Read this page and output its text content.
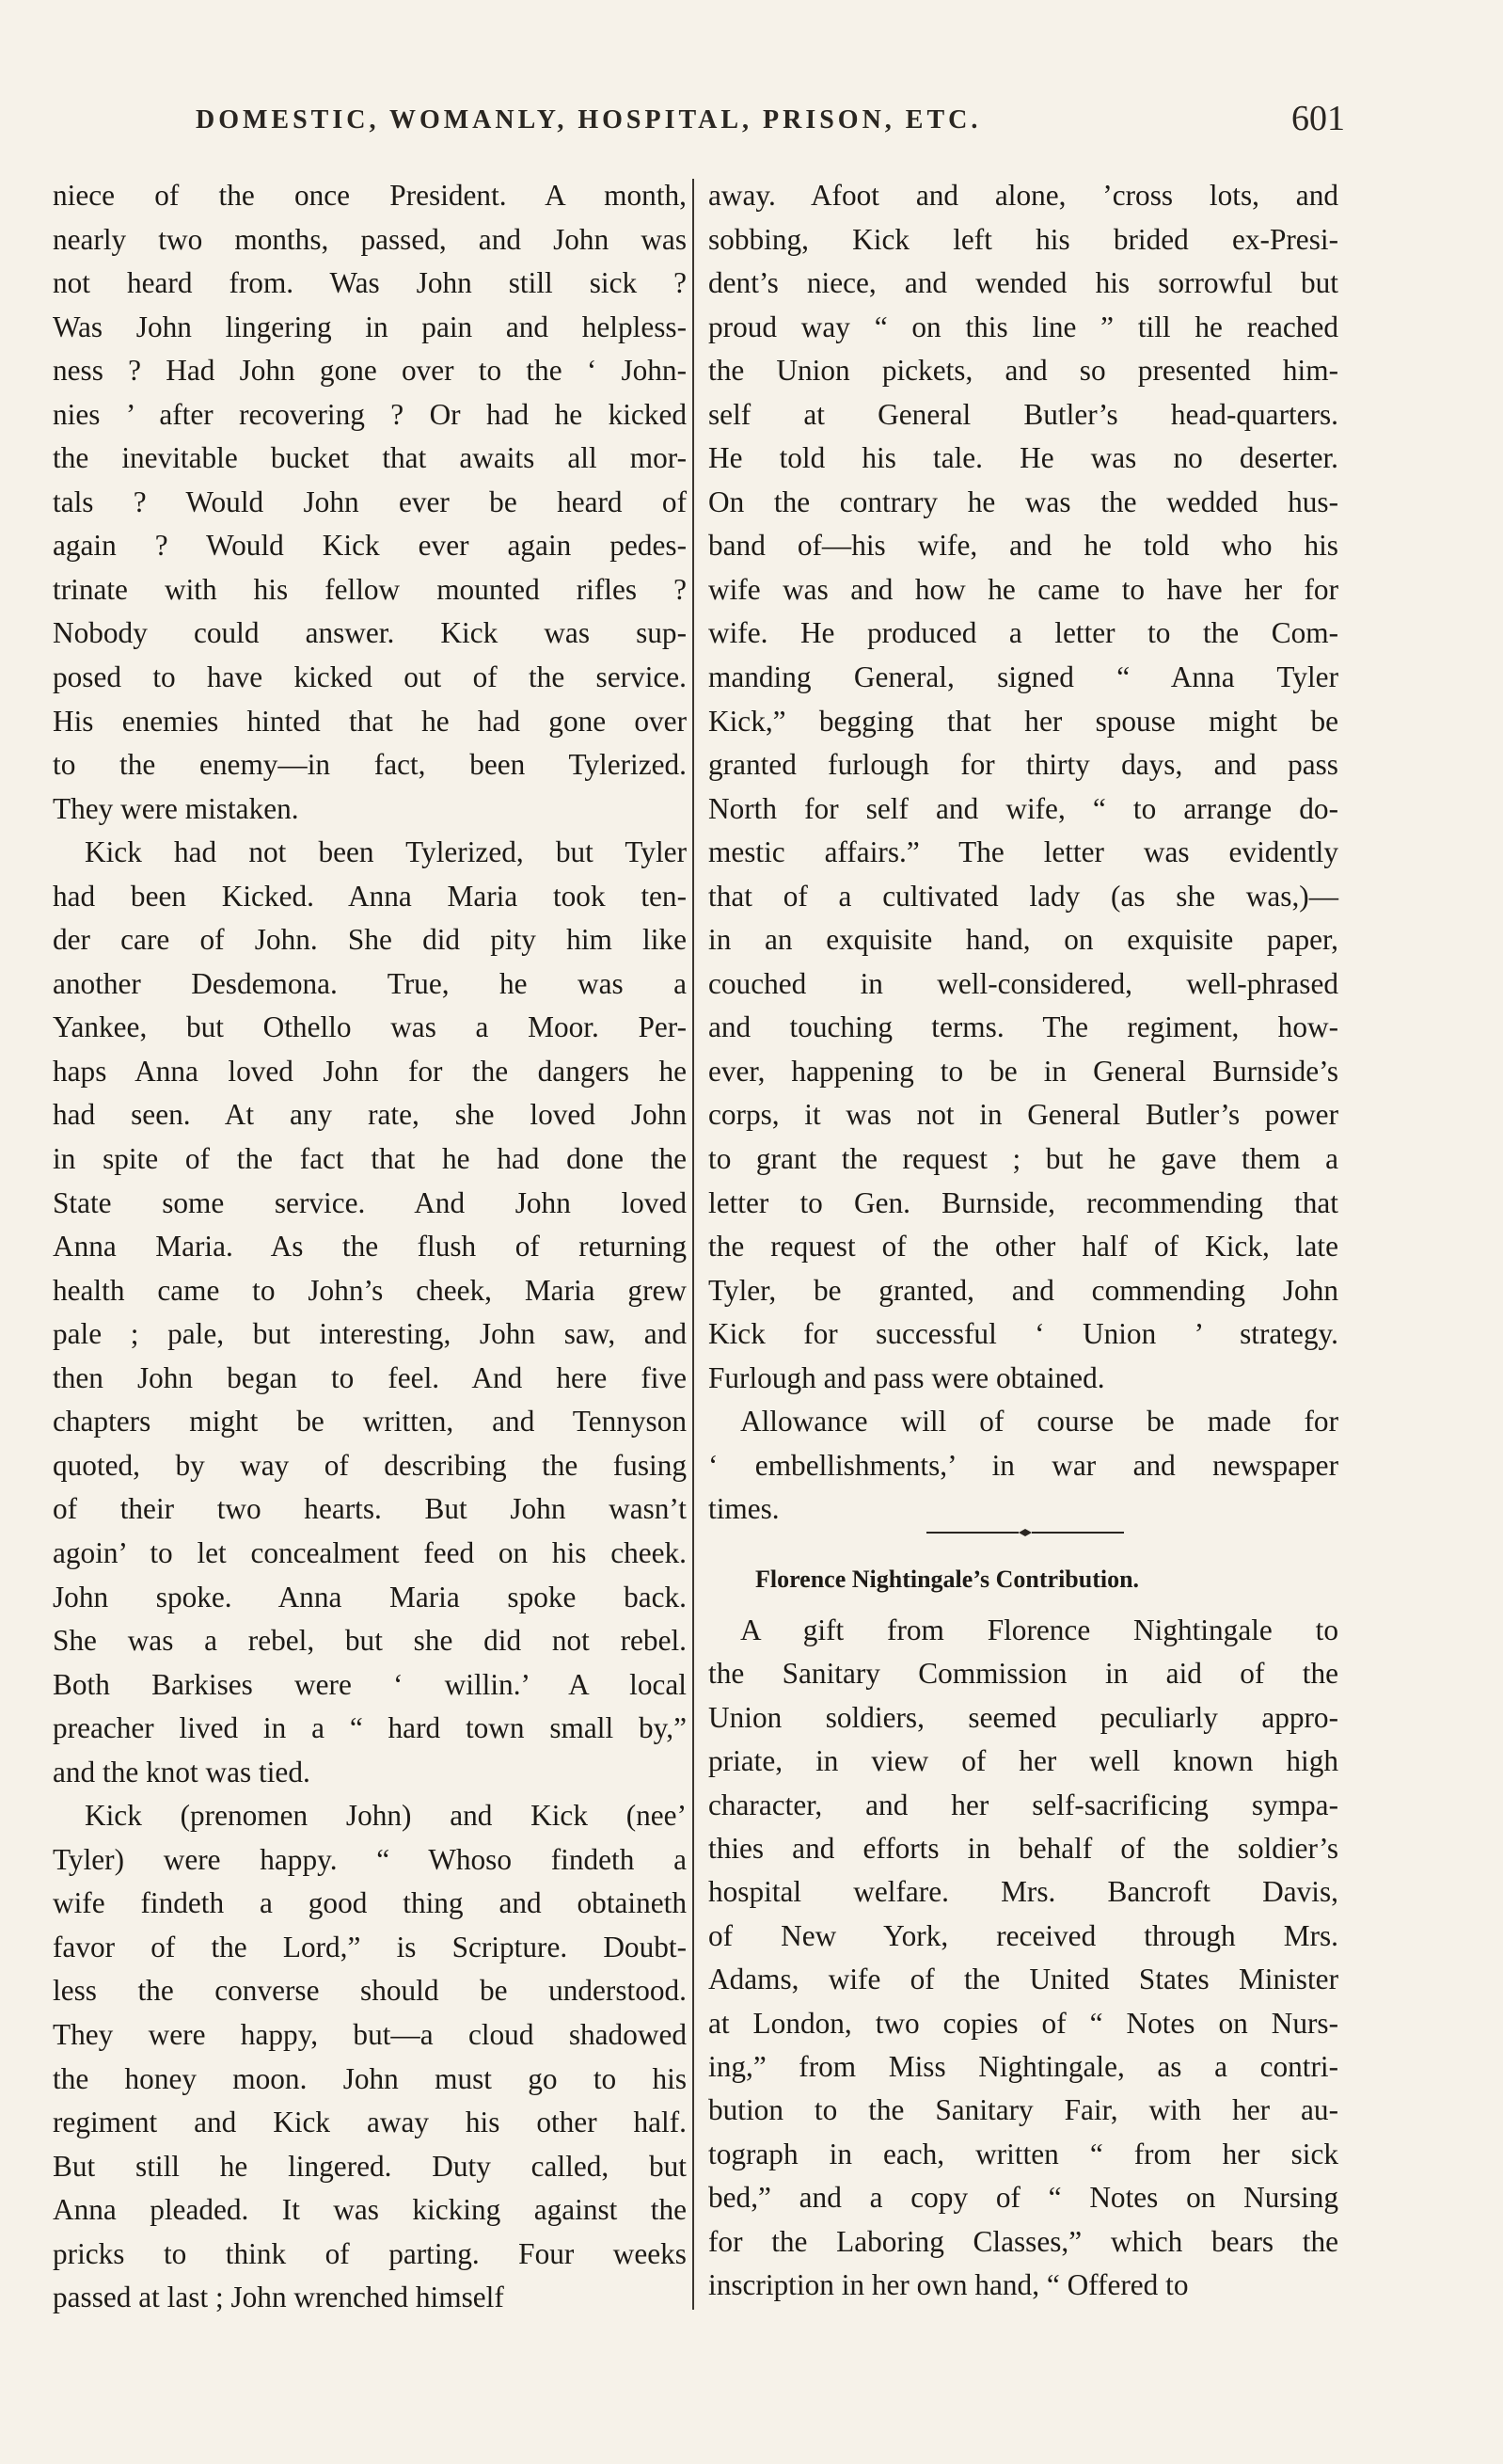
DOMESTIC, WOMANLY, HOSPITAL, PRISON, ETC.	601
niece of the once President. A month,
nearly two months, passed, and John was
not heard from. Was John still sick ?
Was John lingering in pain and helpless-
ness ? Had John gone over to the ‘ John-
nies ’ after recovering ? Or had he kicked
the inevitable bucket that awaits all mor-
tals ? Would John ever be heard of
again ? Would Kick ever again pedes-
trinate with his fellow mounted rifles ?
Nobody could answer. Kick was sup-
posed to have kicked out of the service.
His enemies hinted that he had gone over
to the enemy—in fact, been Tylerized.
They were mistaken.
Kick had not been Tylerized, but Tyler
had been Kicked. Anna Maria took ten-
der care of John. She did pity him like
another Desdemona. True, he was a
Yankee, but Othello was a Moor. Per-
haps Anna loved John for the dangers he
had seen. At any rate, she loved John
in spite of the fact that he had done the
State some service. And John loved
Anna Maria. As the flush of returning
health came to John’s cheek, Maria grew
pale ; pale, but interesting, John saw, and
then John began to feel. And here five
chapters might be written, and Tennyson
quoted, by way of describing the fusing
of their two hearts. But John wasn’t
agoin’ to let concealment feed on his cheek.
John spoke. Anna Maria spoke back.
She was a rebel, but she did not rebel.
Both Barkises were ‘ willin.’ A local
preacher lived in a “ hard town small by,”
and the knot was tied.
Kick (prenomen John) and Kick (nee’
Tyler) were happy. “ Whoso findeth a
wife findeth a good thing and obtaineth
favor of the Lord,” is Scripture. Doubt-
less the converse should be understood.
They were happy, but—a cloud shadowed
the honey moon. John must go to his
regiment and Kick away his other half.
But still he lingered. Duty called, but
Anna pleaded. It was kicking against the
pricks to think of parting. Four weeks
passed at last ; John wrenched himself
away. Afoot and alone, ’cross lots, and
sobbing, Kick left his brided ex-Presi-
dent’s niece, and wended his sorrowful but
proud way “ on this line ” till he reached
the Union pickets, and so presented him-
self at General Butler’s head-quarters.
He told his tale. He was no deserter.
On the contrary he was the wedded hus-
band of—his wife, and he told who his
wife was and how he came to have her for
wife. He produced a letter to the Com-
manding General, signed “ Anna Tyler
Kick,” begging that her spouse might be
granted furlough for thirty days, and pass
North for self and wife, “ to arrange do-
mestic affairs.” The letter was evidently
that of a cultivated lady (as she was,)—
in an exquisite hand, on exquisite paper,
couched in well-considered, well-phrased
and touching terms. The regiment, how-
ever, happening to be in General Burnside’s
corps, it was not in General Butler’s power
to grant the request ; but he gave them a
letter to Gen. Burnside, recommending that
the request of the other half of Kick, late
Tyler, be granted, and commending John
Kick for successful ‘ Union ’ strategy.
Furlough and pass were obtained.
Allowance will of course be made for
‘ embellishments,’ in war and newspaper
times.
Florence Nightingale’s Contribution.
A gift from Florence Nightingale to
the Sanitary Commission in aid of the
Union soldiers, seemed peculiarly appro-
priate, in view of her well known high
character, and her self-sacrificing sympa-
thies and efforts in behalf of the soldier’s
hospital welfare. Mrs. Bancroft Davis,
of New York, received through Mrs.
Adams, wife of the United States Minister
at London, two copies of “ Notes on Nurs-
ing,” from Miss Nightingale, as a contri-
bution to the Sanitary Fair, with her au-
tograph in each, written “ from her sick
bed,” and a copy of “ Notes on Nursing
for the Laboring Classes,” which bears the
inscription in her own hand, “ Offered to
